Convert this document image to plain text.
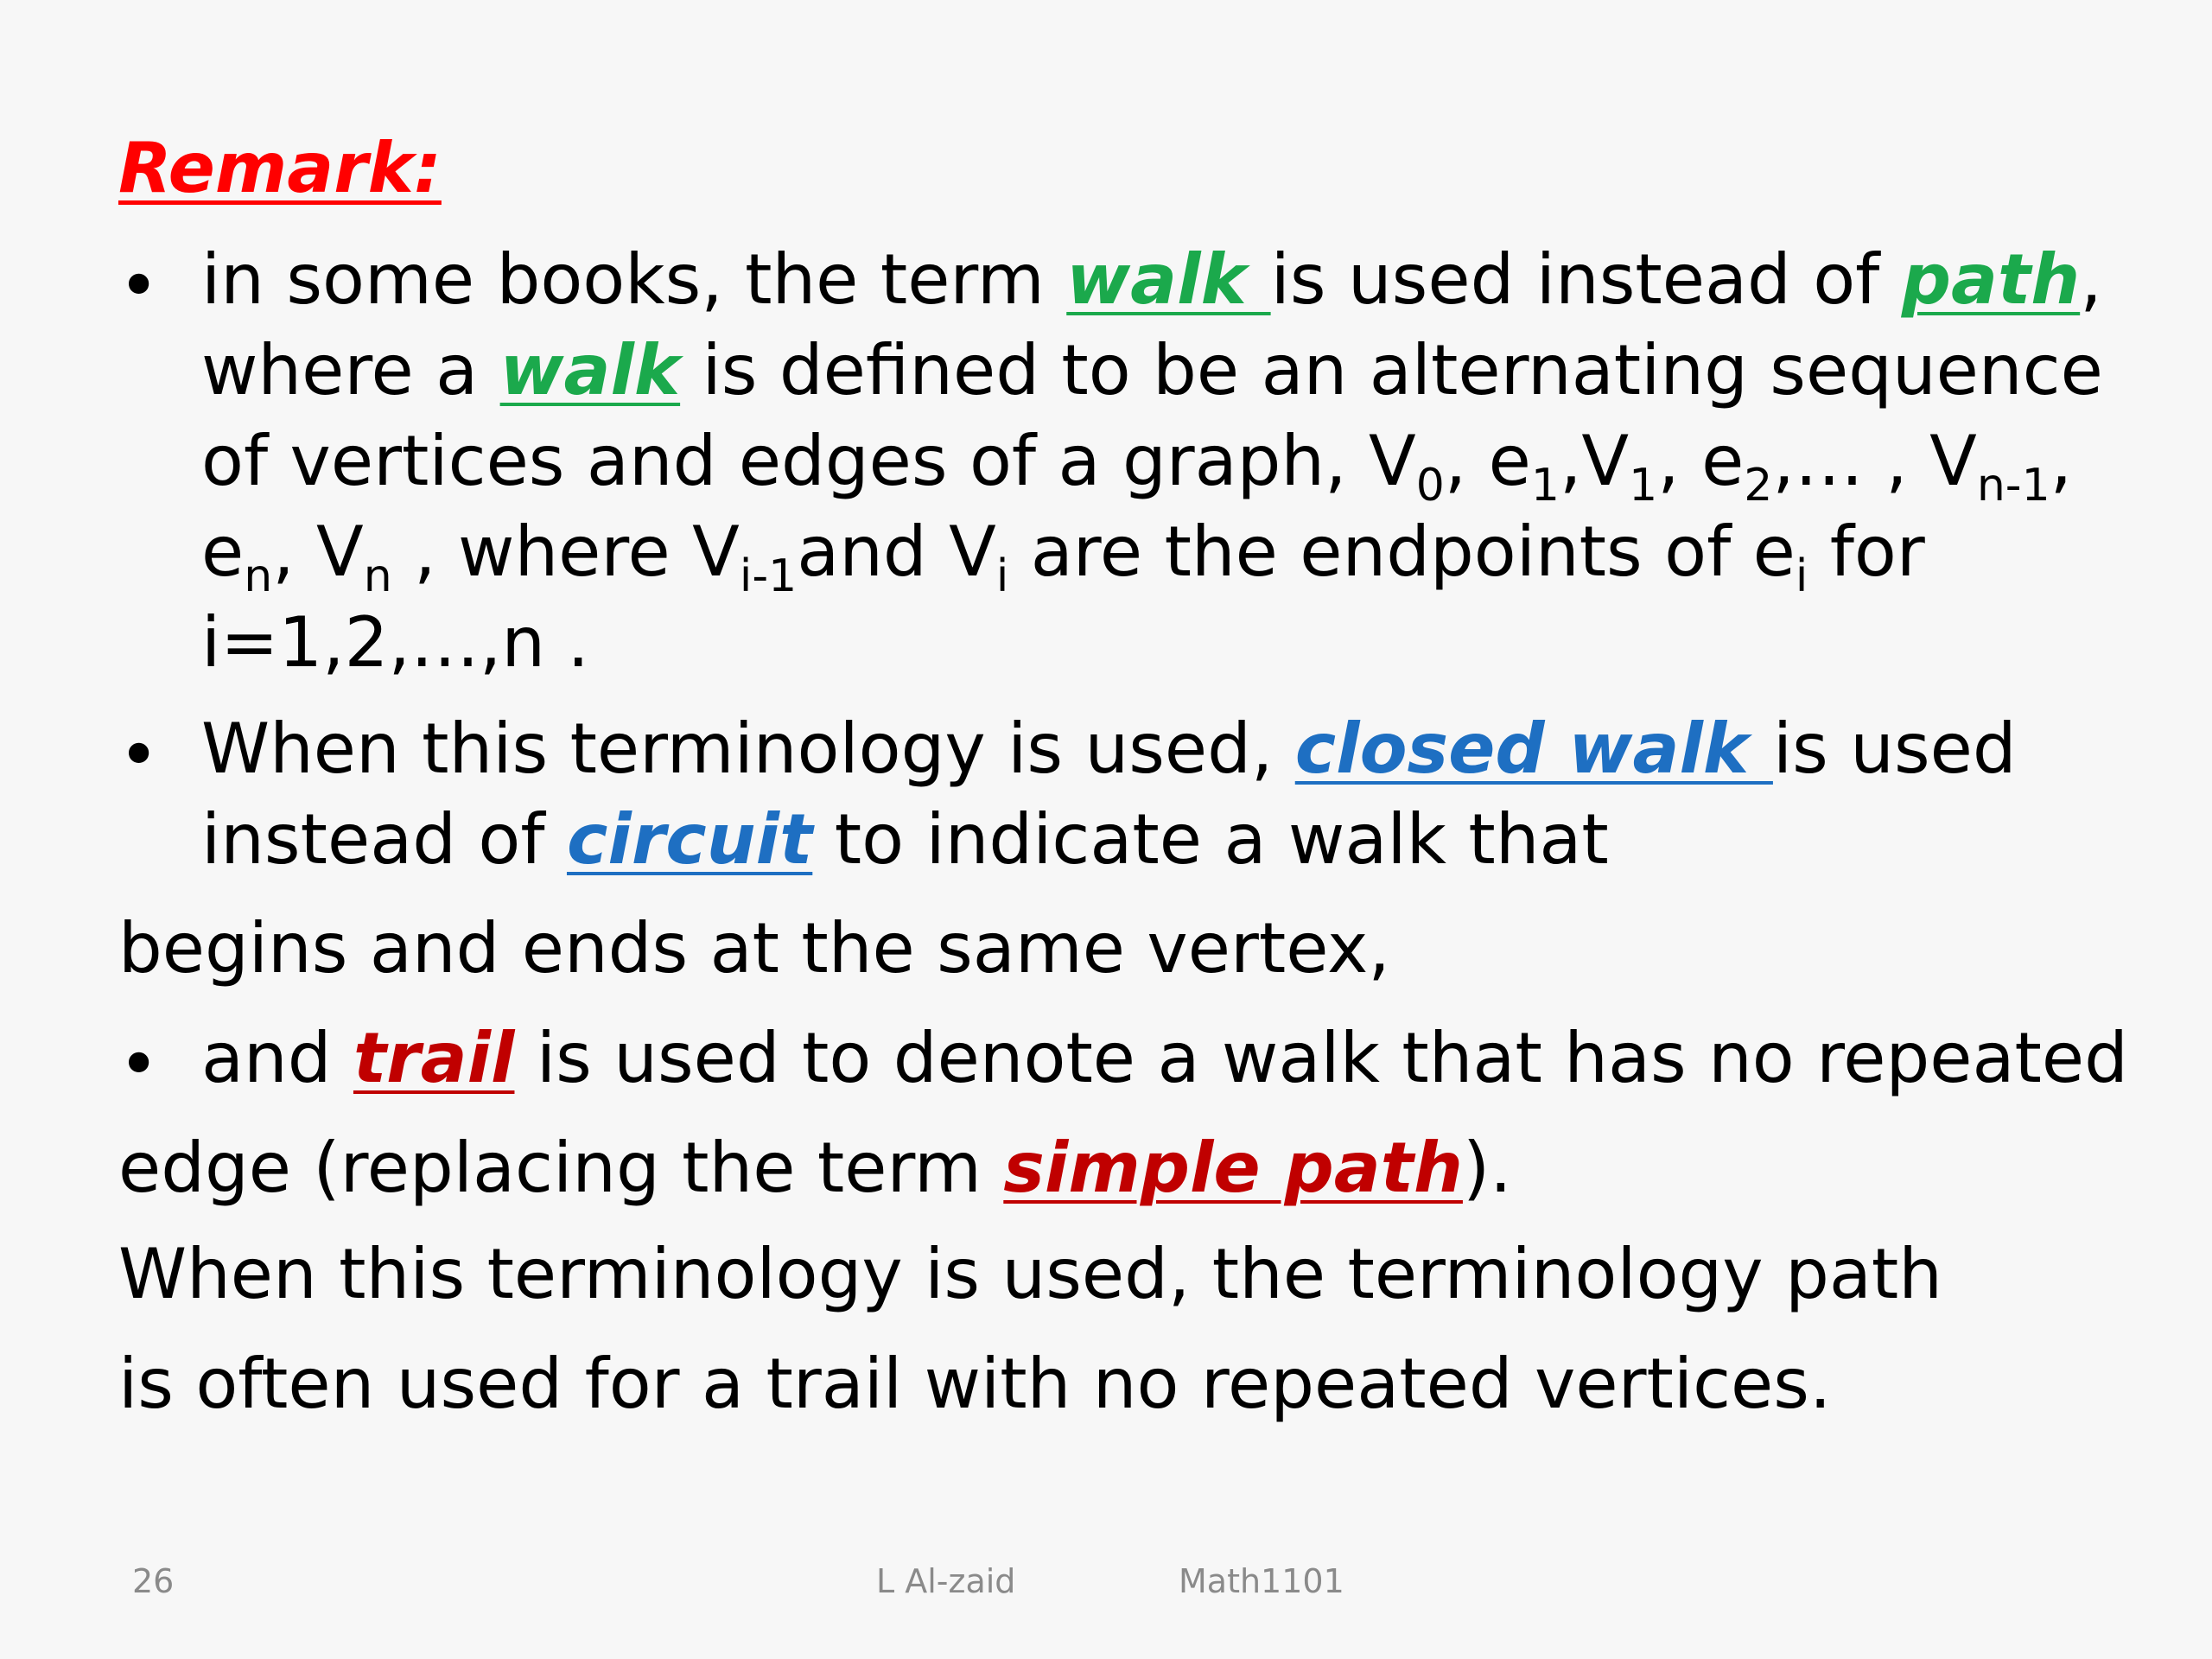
Remark:
• in some books, the term walk is used instead of path,
where a walk is defined to be an alternating sequence
of vertices and edges of a graph, $V_0$, $e_1,V_1$, $e_2,\dots$ , $V_{n-1}$,
$e_n$, $V_n$ , where $V_{i-1}and$ $V_i$ are the endpoints of $e_i$ for
i=1,2,…,n .
• When this terminology is used, closed walk is used
instead of circuit to indicate a walk that
begins and ends at the same vertex,
• and trail is used to denote a walk that has no repeated
edge (replacing the term simple path).
When this terminology is used, the terminology path
is often used for a trail with no repeated vertices.
26	L Al-zaid	Math1101
